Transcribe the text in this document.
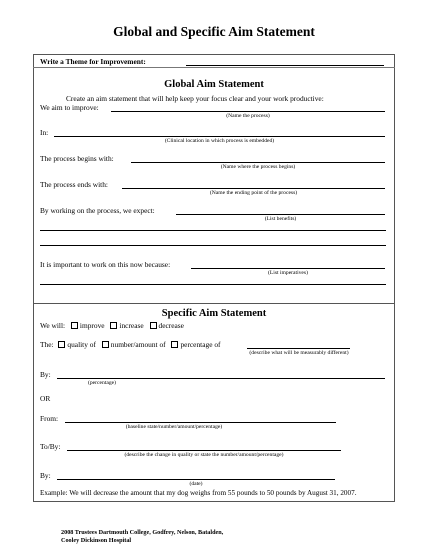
Global and Specific Aim Statement
Write a Theme for Improvement:
Global Aim Statement
Create an aim statement that will help keep your focus clear and your work productive:
We aim to improve:
(Name the process)
In:
(Clinical location in which process is embedded)
The process begins with:
(Name where the process begins)
The process ends with:
(Name the ending point of the process)
By working on the process, we expect:
(List benefits)
It is important to work on this now because:
(List imperatives)
Specific Aim Statement
We will: improve increase decrease
The: quality of number/amount of percentage of
(describe what will be measurably different)
By:
(percentage)
OR
From:
(baseline state/number/amount/percentage)
To/By:
(describe the change in quality or state the number/amount/percentage)
By:
(date)
Example: We will decrease the amount that my dog weighs from 55 pounds to 50 pounds by August 31, 2007.
2008 Trustees Dartmouth College, Godfrey, Nelson, Batalden,
Cooley Dickinson Hospital
